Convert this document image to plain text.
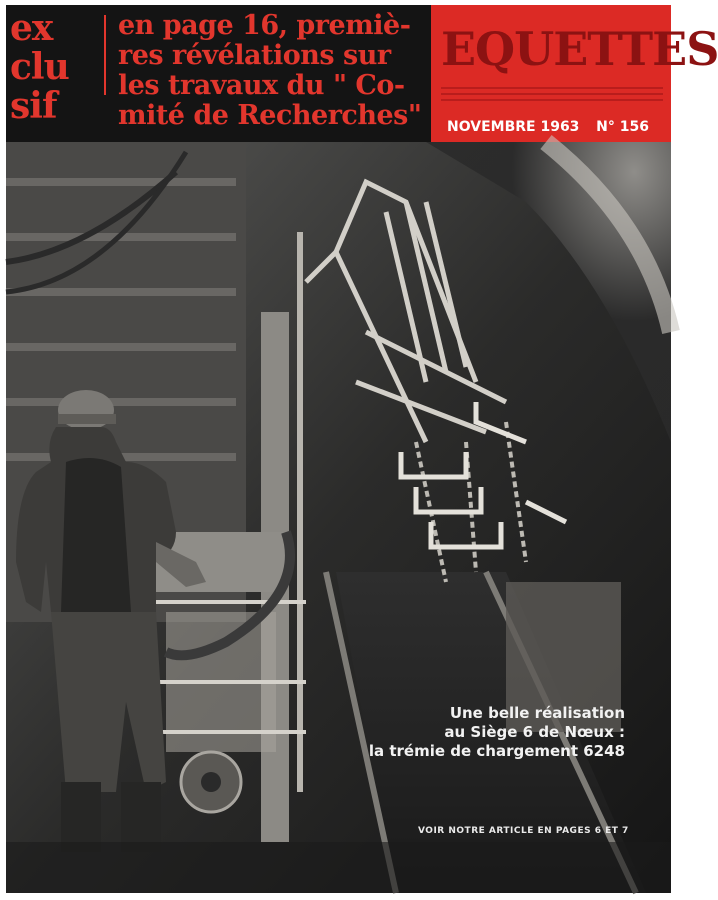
ex
clu
sif
en page 16, premiè-
res révélations sur
les travaux du " Co-
mité de Recherches"
EQUETTES
NOVEMBRE 1963 N° 156
Une belle réalisation
au Siège 6 de Nœux :
la trémie de chargement 6248
VOIR NOTRE ARTICLE EN PAGES 6 ET 7
